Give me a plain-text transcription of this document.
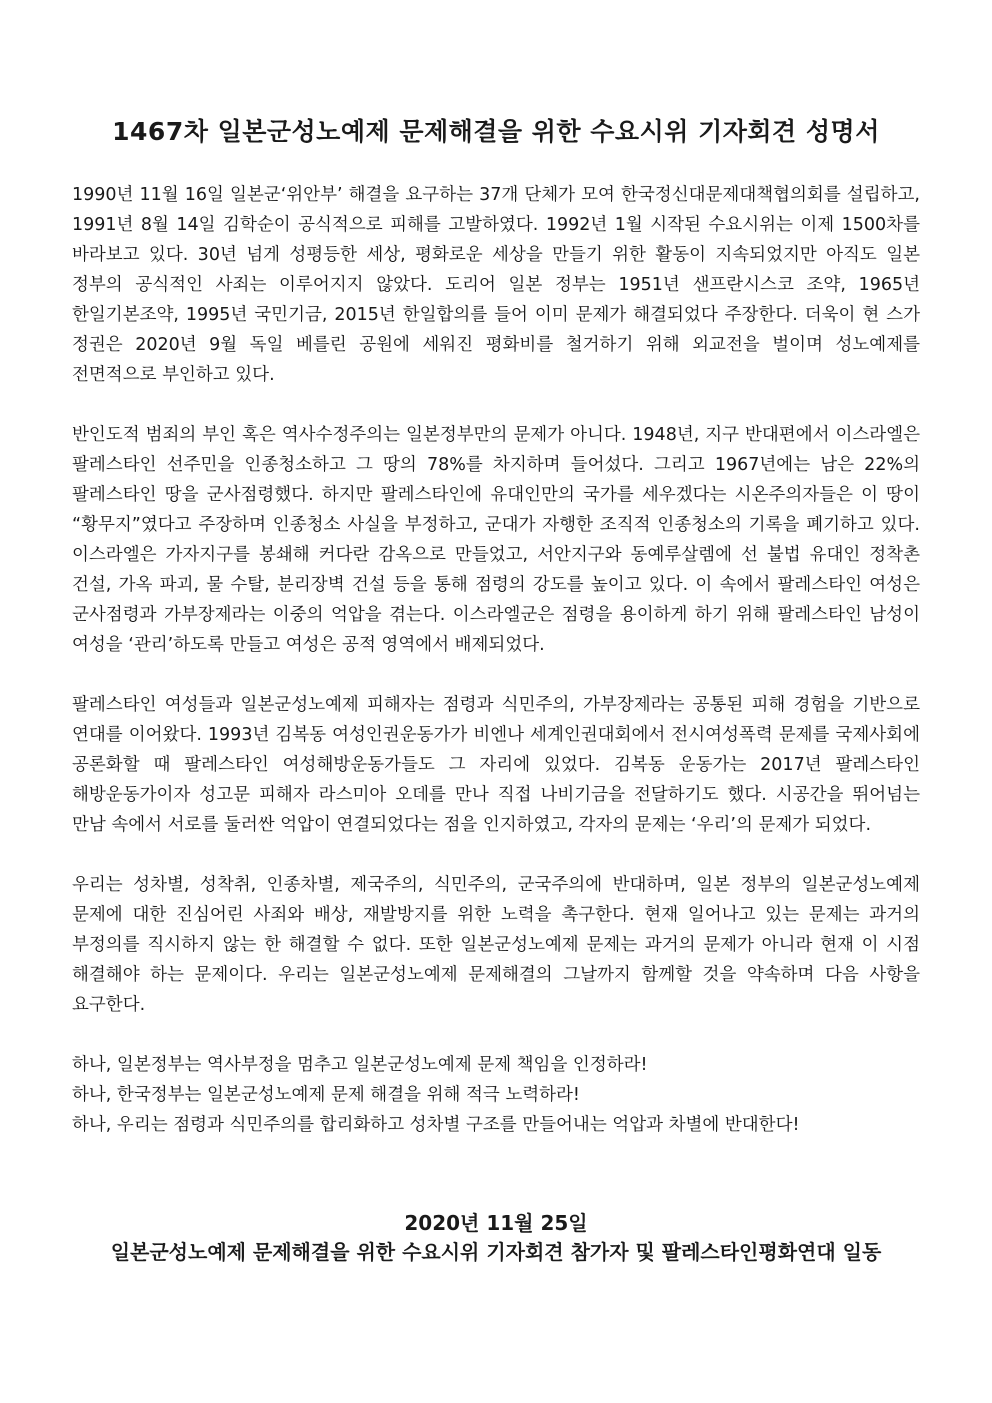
1467차 일본군성노예제 문제해결을 위한 수요시위 기자회견 성명서

1990년 11월 16일 일본군‘위안부’ 해결을 요구하는 37개 단체가 모여 한국정신대문제대책협의회를 설립하고, 1991년 8월 14일 김학순이 공식적으로 피해를 고발하였다. 1992년 1월 시작된 수요시위는 이제 1500차를 바라보고 있다. 30년 넘게 성평등한 세상, 평화로운 세상을 만들기 위한 활동이 지속되었지만 아직도 일본 정부의 공식적인 사죄는 이루어지지 않았다. 도리어 일본 정부는 1951년 샌프란시스코 조약, 1965년 한일기본조약, 1995년 국민기금, 2015년 한일합의를 들어 이미 문제가 해결되었다 주장한다. 더욱이 현 스가 정권은 2020년 9월 독일 베를린 공원에 세워진 평화비를 철거하기 위해 외교전을 벌이며 성노예제를 전면적으로 부인하고 있다.

반인도적 범죄의 부인 혹은 역사수정주의는 일본정부만의 문제가 아니다. 1948년, 지구 반대편에서 이스라엘은 팔레스타인 선주민을 인종청소하고 그 땅의 78%를 차지하며 들어섰다. 그리고 1967년에는 남은 22%의 팔레스타인 땅을 군사점령했다. 하지만 팔레스타인에 유대인만의 국가를 세우겠다는 시온주의자들은 이 땅이 “황무지”였다고 주장하며 인종청소 사실을 부정하고, 군대가 자행한 조직적 인종청소의 기록을 폐기하고 있다. 이스라엘은 가자지구를 봉쇄해 커다란 감옥으로 만들었고, 서안지구와 동예루살렘에 선 불법 유대인 정착촌 건설, 가옥 파괴, 물 수탈, 분리장벽 건설 등을 통해 점령의 강도를 높이고 있다. 이 속에서 팔레스타인 여성은 군사점령과 가부장제라는 이중의 억압을 겪는다. 이스라엘군은 점령을 용이하게 하기 위해 팔레스타인 남성이 여성을 ‘관리’하도록 만들고 여성은 공적 영역에서 배제되었다.

팔레스타인 여성들과 일본군성노예제 피해자는 점령과 식민주의, 가부장제라는 공통된 피해 경험을 기반으로 연대를 이어왔다. 1993년 김복동 여성인권운동가가 비엔나 세계인권대회에서 전시여성폭력 문제를 국제사회에 공론화할 때 팔레스타인 여성해방운동가들도 그 자리에 있었다. 김복동 운동가는 2017년 팔레스타인 해방운동가이자 성고문 피해자 라스미아 오데를 만나 직접 나비기금을 전달하기도 했다. 시공간을 뛰어넘는 만남 속에서 서로를 둘러싼 억압이 연결되었다는 점을 인지하였고, 각자의 문제는 ‘우리’의 문제가 되었다.

우리는 성차별, 성착취, 인종차별, 제국주의, 식민주의, 군국주의에 반대하며, 일본 정부의 일본군성노예제 문제에 대한 진심어린 사죄와 배상, 재발방지를 위한 노력을 촉구한다. 현재 일어나고 있는 문제는 과거의 부정의를 직시하지 않는 한 해결할 수 없다. 또한 일본군성노예제 문제는 과거의 문제가 아니라 현재 이 시점 해결해야 하는 문제이다. 우리는 일본군성노예제 문제해결의 그날까지 함께할 것을 약속하며 다음 사항을 요구한다.

하나, 일본정부는 역사부정을 멈추고 일본군성노예제 문제 책임을 인정하라!

하나, 한국정부는 일본군성노예제 문제 해결을 위해 적극 노력하라!

하나, 우리는 점령과 식민주의를 합리화하고 성차별 구조를 만들어내는 억압과 차별에 반대한다!

2020년 11월 25일
일본군성노예제 문제해결을 위한 수요시위 기자회견 참가자 및 팔레스타인평화연대 일동
